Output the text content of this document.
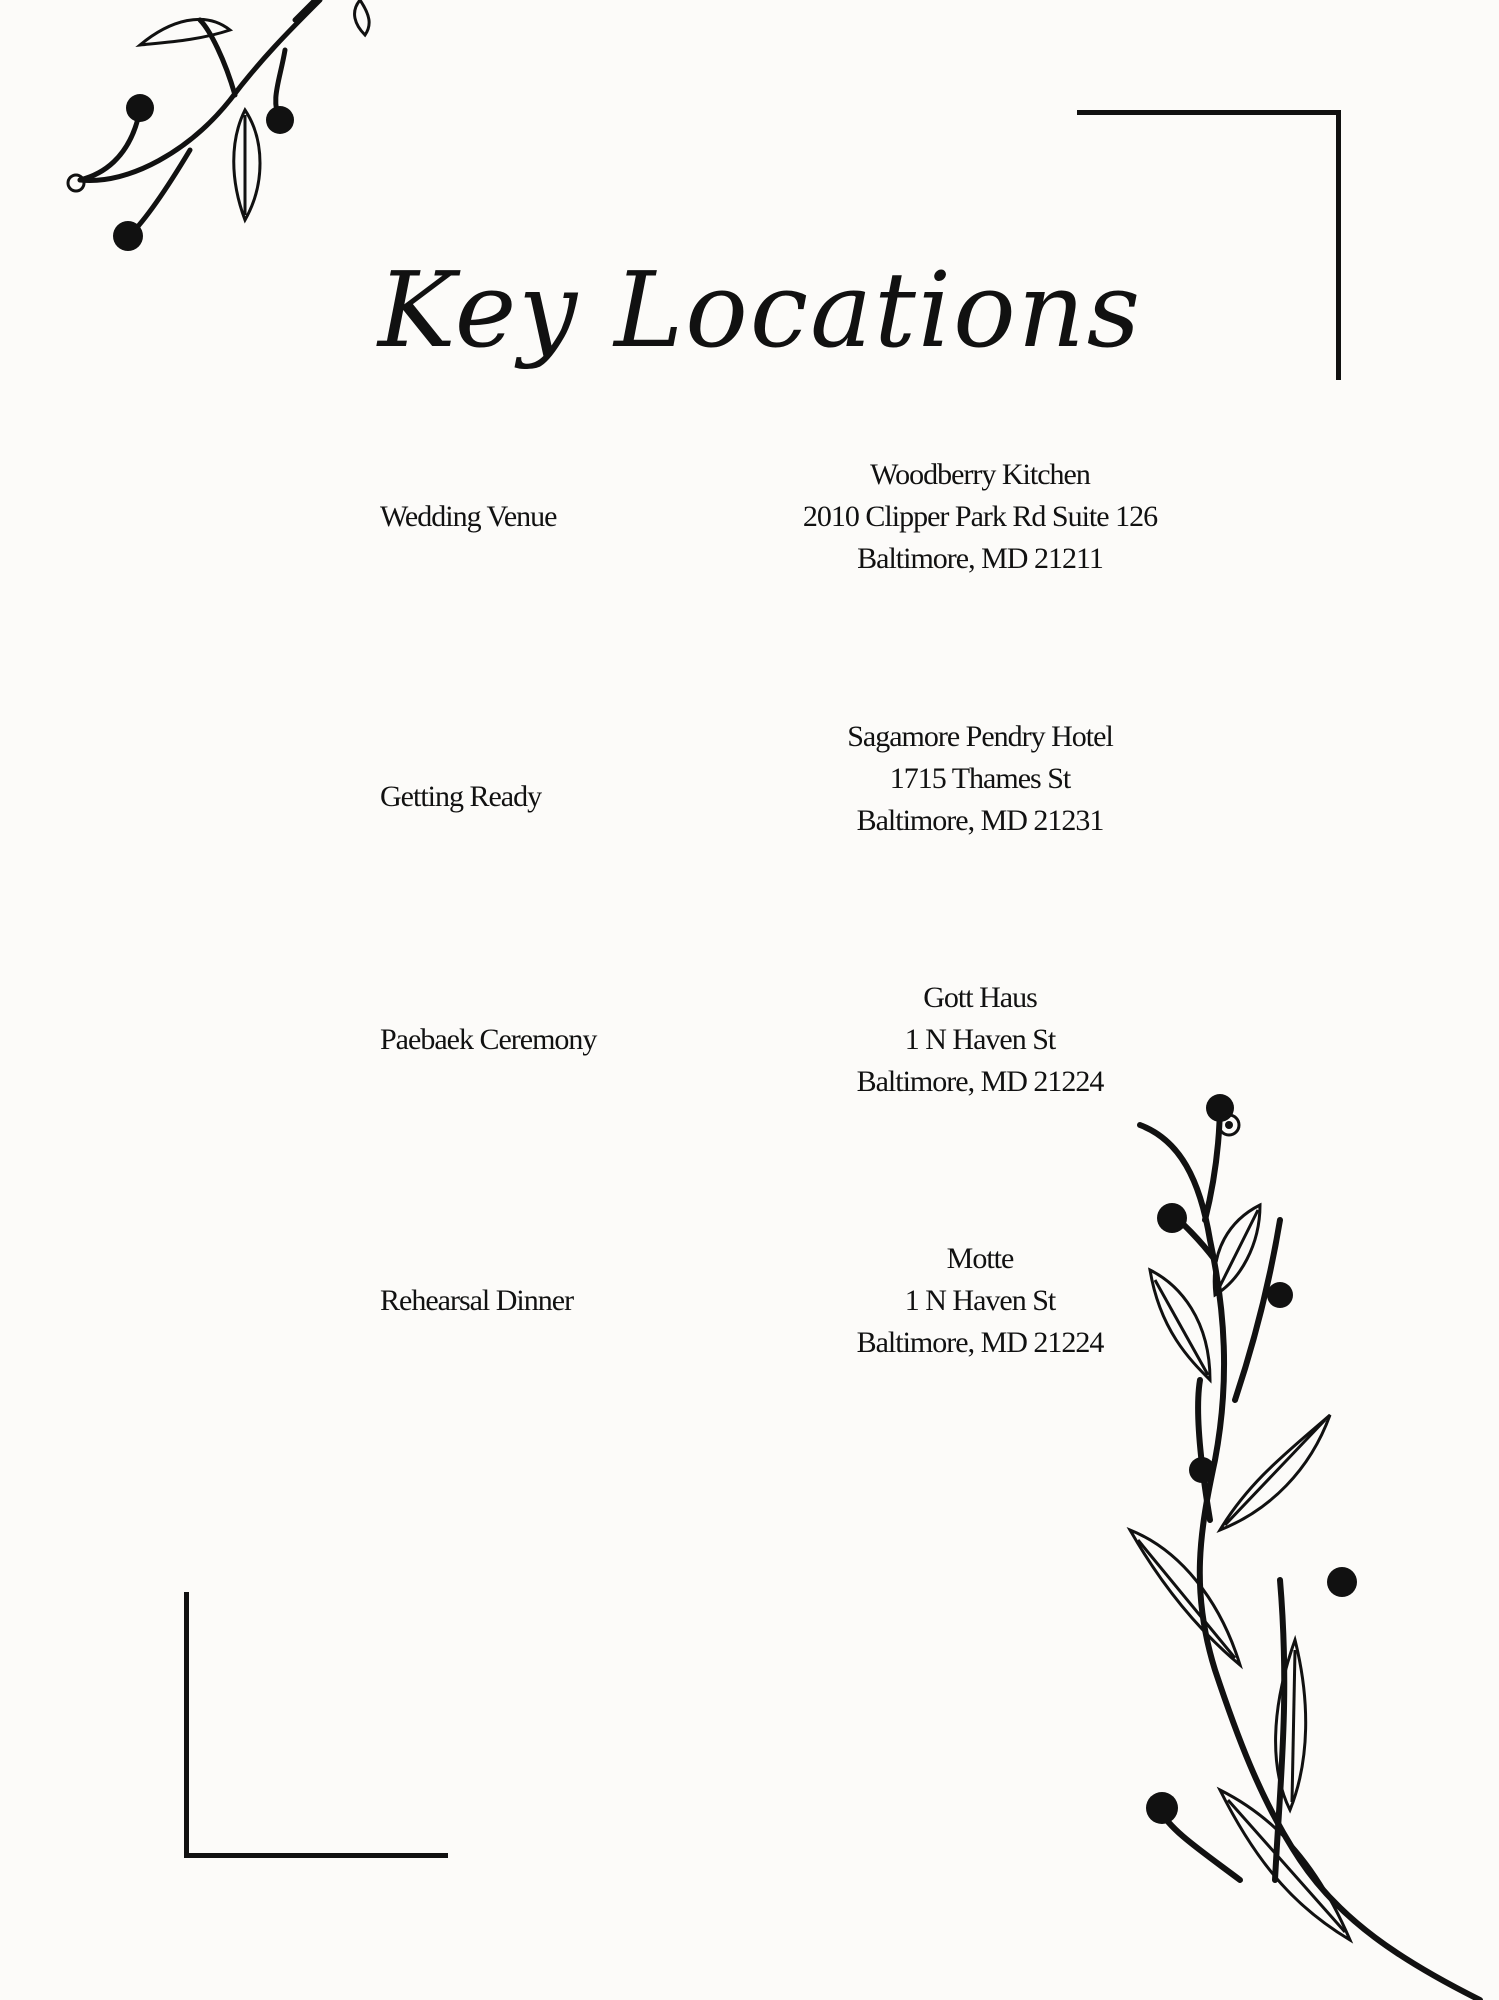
Key Locations
Wedding Venue
Woodberry Kitchen
2010 Clipper Park Rd Suite 126
Baltimore, MD 21211
Getting Ready
Sagamore Pendry Hotel
1715 Thames St
Baltimore, MD 21231
Paebaek Ceremony
Gott Haus
1 N Haven St
Baltimore, MD 21224
Rehearsal Dinner
Motte
1 N Haven St
Baltimore, MD 21224
